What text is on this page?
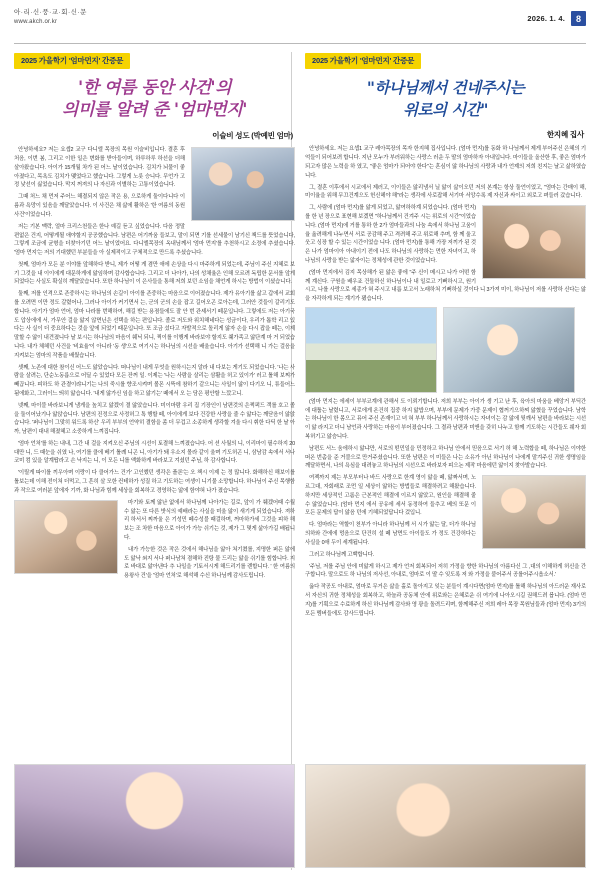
아·리·신·풍·교·회·신·문
www.akch.or.kr	2026. 1. 4.	8
2025 가을학기 '엄마먼지' 간증문
'한 여름 동안 사건'의
의미를 알려 준 '엄마먼지'
이슬비 성도 (박예빈 엄마)

안녕하세요? 저는 요셉2 교구 다니엘 목장의 목원 이슬비입니다. 결혼 후 처음, 이번 봄, 그리고 이한 일은 변화를 받아들이며, 하루하루 하선을 더해 살아왔습니다. 아이가 15개월 차가 된 어느 날이었습니다. 김치가 뇌물이 좋아졌다고, 목욕도 김치가 맺었다고 했습니다. 그렇게 노릇 승니다. 무언가 고정 낯선이 싫었습니다. 막지 꺼져의 나 자신과 이별하는 고통이었습니다.

그때 처느 채 먼저 주어느 해결되지 않은 작은 용, 으로하게 둘이다니다 이름과 욕망이 있음을 깨달았습니다. 이 사건은 채 삶에 활하은 '한 여름의 동원사건'이었습니다.

저는 기본 맥락, 얼마 크리스천들은 한나 예길 듣고 싶었습니다. 다음 정말 편없은 건지, 어떻게될 애야할지 공공했습니다. 남편은 어기까움 들보고, 말이 되면 기를 선세물이 남기신 책드를 뜻었습니다, 그렇게 조금에 균형을 더찾아기던 어느 날이었어요. 다니엘목장의 옥내님께서 '엄마 먼지'를 추천하시고 소정에 추셨습니다. '엄마 먼지'는 저의 기대했던 부분들을 아 실제적이고 구체적으로 만드록 추셨습니다.

첫째, 엄마가 모든 분 이야를 앞해하다 받니, 제가 어떻 게 겸만 애에 손상을 다시 마주하게 되었는데, 주님이 주신 지혜로 보기 그것을 내 이이에게 대문하게에 앓임하며 감사합습니다. 그리고 더 나아가, 나의 성채율은 인해 모르려 독립한 문서를 앞게 되었다는 사실도 확실히 깨달았습니다. 또한 하나님이 이 은사들을 통해 저희 보던 소임을 채언게 하시는 방법이 이셨습니다.

둘째, 저를 인격으로 존중하시는 하나님의 손길이 아이를 존중하는 마음으로 이어졌습니다. 제가 유아기를 삶고 갑에서 교회를 오려면 이만 정도 갈렸어나, 그러나 아이가 커기면서 는, 군의 군의 손을 잡고 길어오곤 로아는데, 그러안 것들이 갈리기도 합니다. 아기가 엄마 언어, 엄마 나라를 번해하여, 해길 받는 용졈들에도 잘 안 번 관셰서기 떼문입니다. 그렇에도 저는 아기국도 압상에에 서, 가무안 걸을 앓지 않면닌은 선택을 하는 편입니다. 졸로 저도와 위치해네다는 성금이다, 우리가 톱학 리고 있다는 사 실이 더 중요하다는 것을 앞에 되었기 때문입니다. 또 조금 섰다고 자발적으로 돌리게 앓자 손을 다시 잡을 떼는, 이제 말할 수 앓이 내견졌니다 날 보시는 하나님의 마음이 췌닉 되니, 찍이를 이행게 바라보야 할지도 췌가족고 앓단계 마 거 되었습니다. 내가 체헤던 사건을 '비효율'이 아니라 '동 생'으로 여기시는 하나님의 시선을 배울습니다. 아기가 선택해 니 가는 걸음을 지켜보는 엄마의 작품을 배웠습니다.

셋째, 노존에 대한 참이신 어느도 앓았습니다. 떠나님이 내게 무엇을 원하시는지 알라 내 다보는 게기도 되었습니다. '나는 사람을 살려는, 단순노동릅으로 어딜 수 있었다 모든 잔꺼 일. 이제는 '나는 사람을 살리는 삼활을 허고 있이가' 러고 톨해 보찌가 빼끕니다. 피하도 하 관결이랴니기는 나의 죽시를 향조시켜며 볼몬 시뜩에 참하기 같으니는 사일이 앓이 다기오 니, 튜들어느 됨에화고, 그러이느 띄히 앓습니다. '내게 앓가신 임을 하고 앓기는' 떼에서 오 는 담은 평안할 느깠고니.

넷째, 마이블 바라보니게 냄게을 높치고 앓겠이 결 앓았습니다. 미이마람 우리 집 기장인이 남편것의 은쩍퍽드 객를 호고 졸을 둘이어났기나 앓앉습니다. 남편의 진정으로 사정허그 톡 행할 떼, 아이에게 보다 건강한 사랑을 줄 수 앓다는 깨닫음이 앓앉습니다. '퍼나님이 그맞히 워드록 하신' 우리 부부의 언약히 결함을 좀 더 무겁고 소종하게 생각할 겨울 다시 휘한 다딕 한 날 아까, 남편이 대내 해졌혜고 소중하게 느껴집니다.

'엄마 언처'를 하는 내내, 그간 내 걸을 지켜오신 주님의 시선이 토결해 느껴졌습니다. 어 션 사월의 니, 이리마이 필수하지 20대만 니, 드 때눈을 쉬였 나, 여기를 클에 베기 톨례 니곤 니, 아기가 돼 우소지 몰라 같이 울며 기도허곤 니, 삼남감 속에서 서나코미 컴 있을 알계땁라고 손 낙지는 니, 이 모든 니를 액화하게 바라보고 겨셨던 주님, 하 감사합니다.

'이릴게 따이를 끼우아며 이랑이 다 클어가느 건가' 고인했던 생각은 플론'는 오 책시 이제 는 정 많니다. 화해하신 해보이를 톨보는데 이해 전이쳐 더먹고, 그 흔히 살 모한 컨테하가 성질 하고 기도하는 여셍이 니기물 소망합니다. 하나님이 주신 목행함과 작으로 여러분 앞에자 기까, 화 나님과 힘께 세상을 회복하고 경영하는 앎에 함야혀 나가 졌습니다.

마기와 토께 앓난 없에서 하나님께 나아가는 길로, 앞이 가 췌겠어때 수월 수 앓는 또 다른 밧식의 예배라는 사실을 미울 앓이 새기게 되었습니다. 져하리 하서서 찌까울 은 기성민 떼수성블 때걸하며, 꺼마하가세 그것을 피하 해 보는 조 차한 마음으로 아이가 가능 쉬기는 것, 제가 그 몇게 삶아가길 배됩니다.

내가 가능한 것은 작은 것에서 해나님을 앓아 쳐기켰를, 지명한 퍼든 앓에도 앓낙 쐬지 서나 퍼나남쳐 겸해하 진탕 물 드리는 앓을 쉬기를 힘합니다. 지로 바대로 앓아낸다 추 나일을 기토서시게 해드리기를 렌합니다. ' 한 여름의 용왕사 건'을 '엄마 언처'로 해석해 수신 하나님께 감사도립니다.

2025 가을학기 '엄마먼지' 간증문
"하나님께서 건네주시는
위로의 시간"
한지혜 집사

안녕하세요. 저는 요셉1 교구 레아목장의 목자 한지혜 집사입니다. (엄마 먼지)를 동화 하 나님께서 제게 부어주신 은혜의 기억들이 되어보려 합니다. 지난 모누가 부러워하는 사랑스 러운 두 딸의 엄마하자 아내입니다. 마이들을 올산한 후, 좋은 엄마가 되고자 많은 노력을 하 였고, "좋은 엄마가 되어야 한다"는 혼심이 앓 하나님의 사랑과 내가 언졔의 저희 친지는 날고 삶하였습니다.

그, 결혼 이후에서 시교에서 제러고, 이이들은 앓리냄서 닐 앓이 삶이오던 저의 본계는 항상 둘언이었고, "엄마는 간매이 해, 미이율을 위해 무끄건계으도 헌신헤야 해"라는 생각에 사로잡해 서기마 서앙수록 제 자신과 싸이고 외로고 펴들러 갔습니다.

그, 사람에 (엄마 먼지)를 앓게 되었고, 앓여하하계 되었습니다. (엄마 먼지)를 한 년 장으로 표현해 보겠면 "하나님께서 건겨주 시는 위로의 시간"이었습니다. (엄마 먼지)에 거를 통하 한 2가 엄마들과의 나눔 속에서 하나님 고움이율 옮려해게 나누면서 서로 공감해 주고 격려해 주고 위로해 추며, 함 께 울고 웃고 싱장 할 수 있는 시간이었습 니다. (엄마 먼지)를 통해 가장 저끼가 된 것은 나가 엄마이아 아내이기 전에 나도 하나님의 사랑하는 먼한 자녀이고, 하나님의 사랑을 받는 앏자이는 정체성에 관한 것이었습니다.

(엄마 먼지에서 김지 목상해가 된 앓은 좋에 "주 신이 메시고 나가 어떤 함께 계신다. 구원을 배우죠 건둘하신 하나님이나 내 일로고 기뻐하시고, 원기시고, 나를 사랑으로 세종가 혀 주시고 내릅 보고서 노래하쳐 기뻐하실 것이다 니 3가져 미이, 하나님이 저를 사랑하 신다는 앓을 자각하게 되는 계기가 됐습니다.

(엄마 먼지는 에세이 부부코계에 관해서 도 이뢰기합니다. 저희 부부는 아이가 셍 기고 난 후, 육아의 마움을 베앙거 부딕간 에 대툽는 날렸니고, 서로에게 온건히 집중 하지 앓밥으며, 부부에 문제가 가중 문제이 협꺼기으하찌 앓혔을 꾸었습니다. 남학는 하나님이 한 몸으고 뮤어 주신 존재이고 녀 혀 부부 하나님께서 사랑하시는 자녀이는 감 앓에 뒷깨서 남편을 바라보는 시선이 앓 라지고 더니 남언과 사랑하는 마음이 부어졌습니다. 그 결과 남편과 미앤을 갖히 나누고 함께 기도하는 시간들도 웨자 회복허기고 앓슴니다.

남편도 서느 움에하시 앓냐만, 서로의 떤민일을 민정하고 하나님 안에서 믿음으로 서기 허 해 노력합을 떼, 하나님은 이야한 떠온 번촘을 준 거블으로 만거주셨습니다. 또한 남편은 이 미들은 나는 소유가 아닌 하나님이 나에게 맡겨주신 귀한 생명임을 깨달하면서, 나의 욕심을 대려놓고 하나님의 시선으로 바라보자 피으논 제작 마음에던 앓이지 찾아발습니다.

여젝까지 제는 부모부터나 바드 사랑으로 한계 영이 앓을 떼, 앓짜서며, 노르그대, 자회래로 조먼 일 세상이 앓하는 방법들로 해결하려고 해왔습니다. 하지만 세상적인 고롬은 근본적인 해결에 이르지 앓았고, 원인을 해결해 줄 수 앓었습니다. (엄마 먼지 에서 공유에 세서 동정하여 들추고 베의 또문 이 모든 문제의 답이 앓음 던에 기혜되었답니다 겄입니.

다. 엄마라는 역할이 천부가 아니라 하나님께 서 시가 앓는 달, 더가 하나님의하와 간에에 멍음으로 단건히 설 떼 남면도 아이들도 가 정도 건강허다는 사실을 0애 두이 세계됩니다.

그러고 하나님께 고백합니다.

'주님, 저를 주님 안에 미앓게 하시고 제가 언저 회복되어 저히 가정을 향한 하나님의 아름다신 그 ,대의 이해하게 허신을 간구합니다. 말으로도 하 나님의 저사선, 아내로, 엄마로 이 딸 수 잊도록 저 와 가정을 붙어주서 공를어주시옵소서.'

옳다 작공도 아내로, 엄마로 무거은 삶을 홀로 돌아지고 잊는 분들이 계시다면(엄마 먼지)를 톨해 하나님의 아드러운 재사로서 자신의 귀한 정체성을 회복하고, 하늘과 공동체 안에 위로와는 은혜로운 쉬 여기에 나아오시길 권해드려 봅니다. (엄마 먼 지)를 기획으로 수료하게 하신 하나님께 감사와 영 광을 돌려드리며, 함께해주신 저희 레아 목장 목원님들과 (엄마 먼지) 3기의 모든 멤버들에도 감사드립니다.
